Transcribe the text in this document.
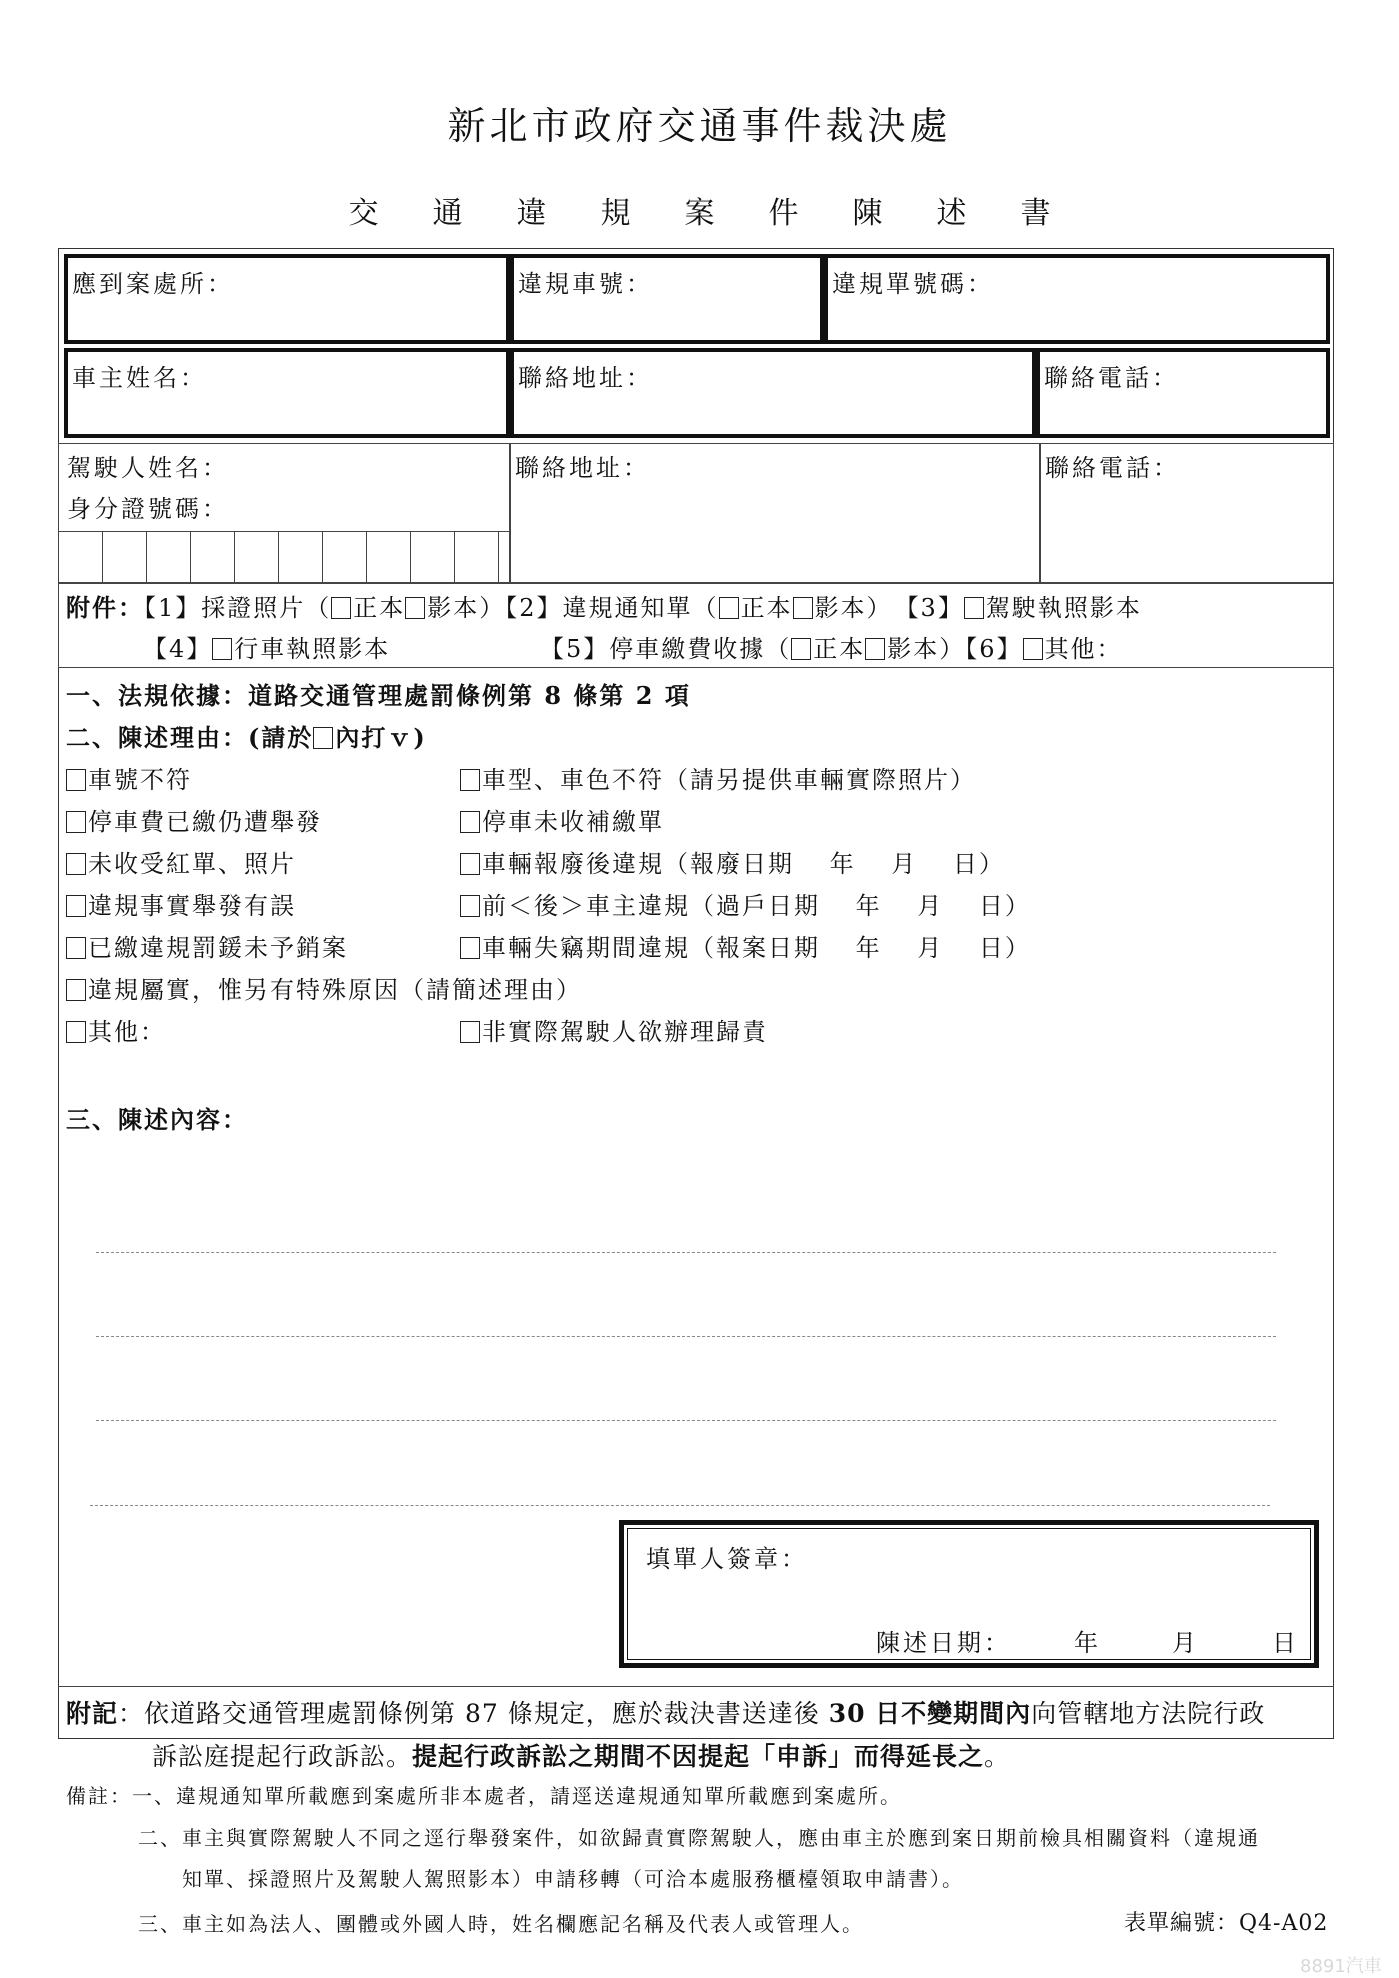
新北市政府交通事件裁決處
交通違規案件陳述書
應到案處所：	違規車號：	違規單號碼：
車主姓名：	聯絡地址：	聯絡電話：
駕駛人姓名：
身分證號碼：
聯絡地址：	聯絡電話：
附件：【1】採證照片（ 正本 影本）【2】違規通知單（ 正本 影本）　 【3】 駕駛執照影本
【4】 行車執照影本	【5】停車繳費收據（ 正本 影本）【6】 其他：
一、法規依據：道路交通管理處罰條例第 8 條第 2 項
二、陳述理由：(請於 內打ｖ)
車號不符
停車費已繳仍遭舉發
未收受紅單、照片
違規事實舉發有誤
已繳違規罰鍰未予銷案
違規屬實，惟另有特殊原因（請簡述理由）
其他：
車型、車色不符（請另提供車輛實際照片）
停車未收補繳單
車輛報廢後違規（報廢日期　 年　 月　 日）
前＜後＞車主違規（過戶日期　 年　 月　 日）
車輛失竊期間違規（報案日期　 年　 月　 日）
非實際駕駛人欲辦理歸責
三、陳述內容：
填單人簽章：
陳述日期：	年	月	日
附記：依道路交通管理處罰條例第 87 條規定，應於裁決書送達後 30 日不變期間內向管轄地方法院行政
訴訟庭提起行政訴訟。提起行政訴訟之期間不因提起「申訴」而得延長之。
備註：一、違規通知單所載應到案處所非本處者，請逕送違規通知單所載應到案處所。
二、車主與實際駕駛人不同之逕行舉發案件，如欲歸責實際駕駛人，應由車主於應到案日期前檢具相關資料（違規通
知單、採證照片及駕駛人駕照影本）申請移轉（可洽本處服務櫃檯領取申請書）。
三、車主如為法人、團體或外國人時，姓名欄應記名稱及代表人或管理人。	表單編號：Q4-A02
8891汽車
